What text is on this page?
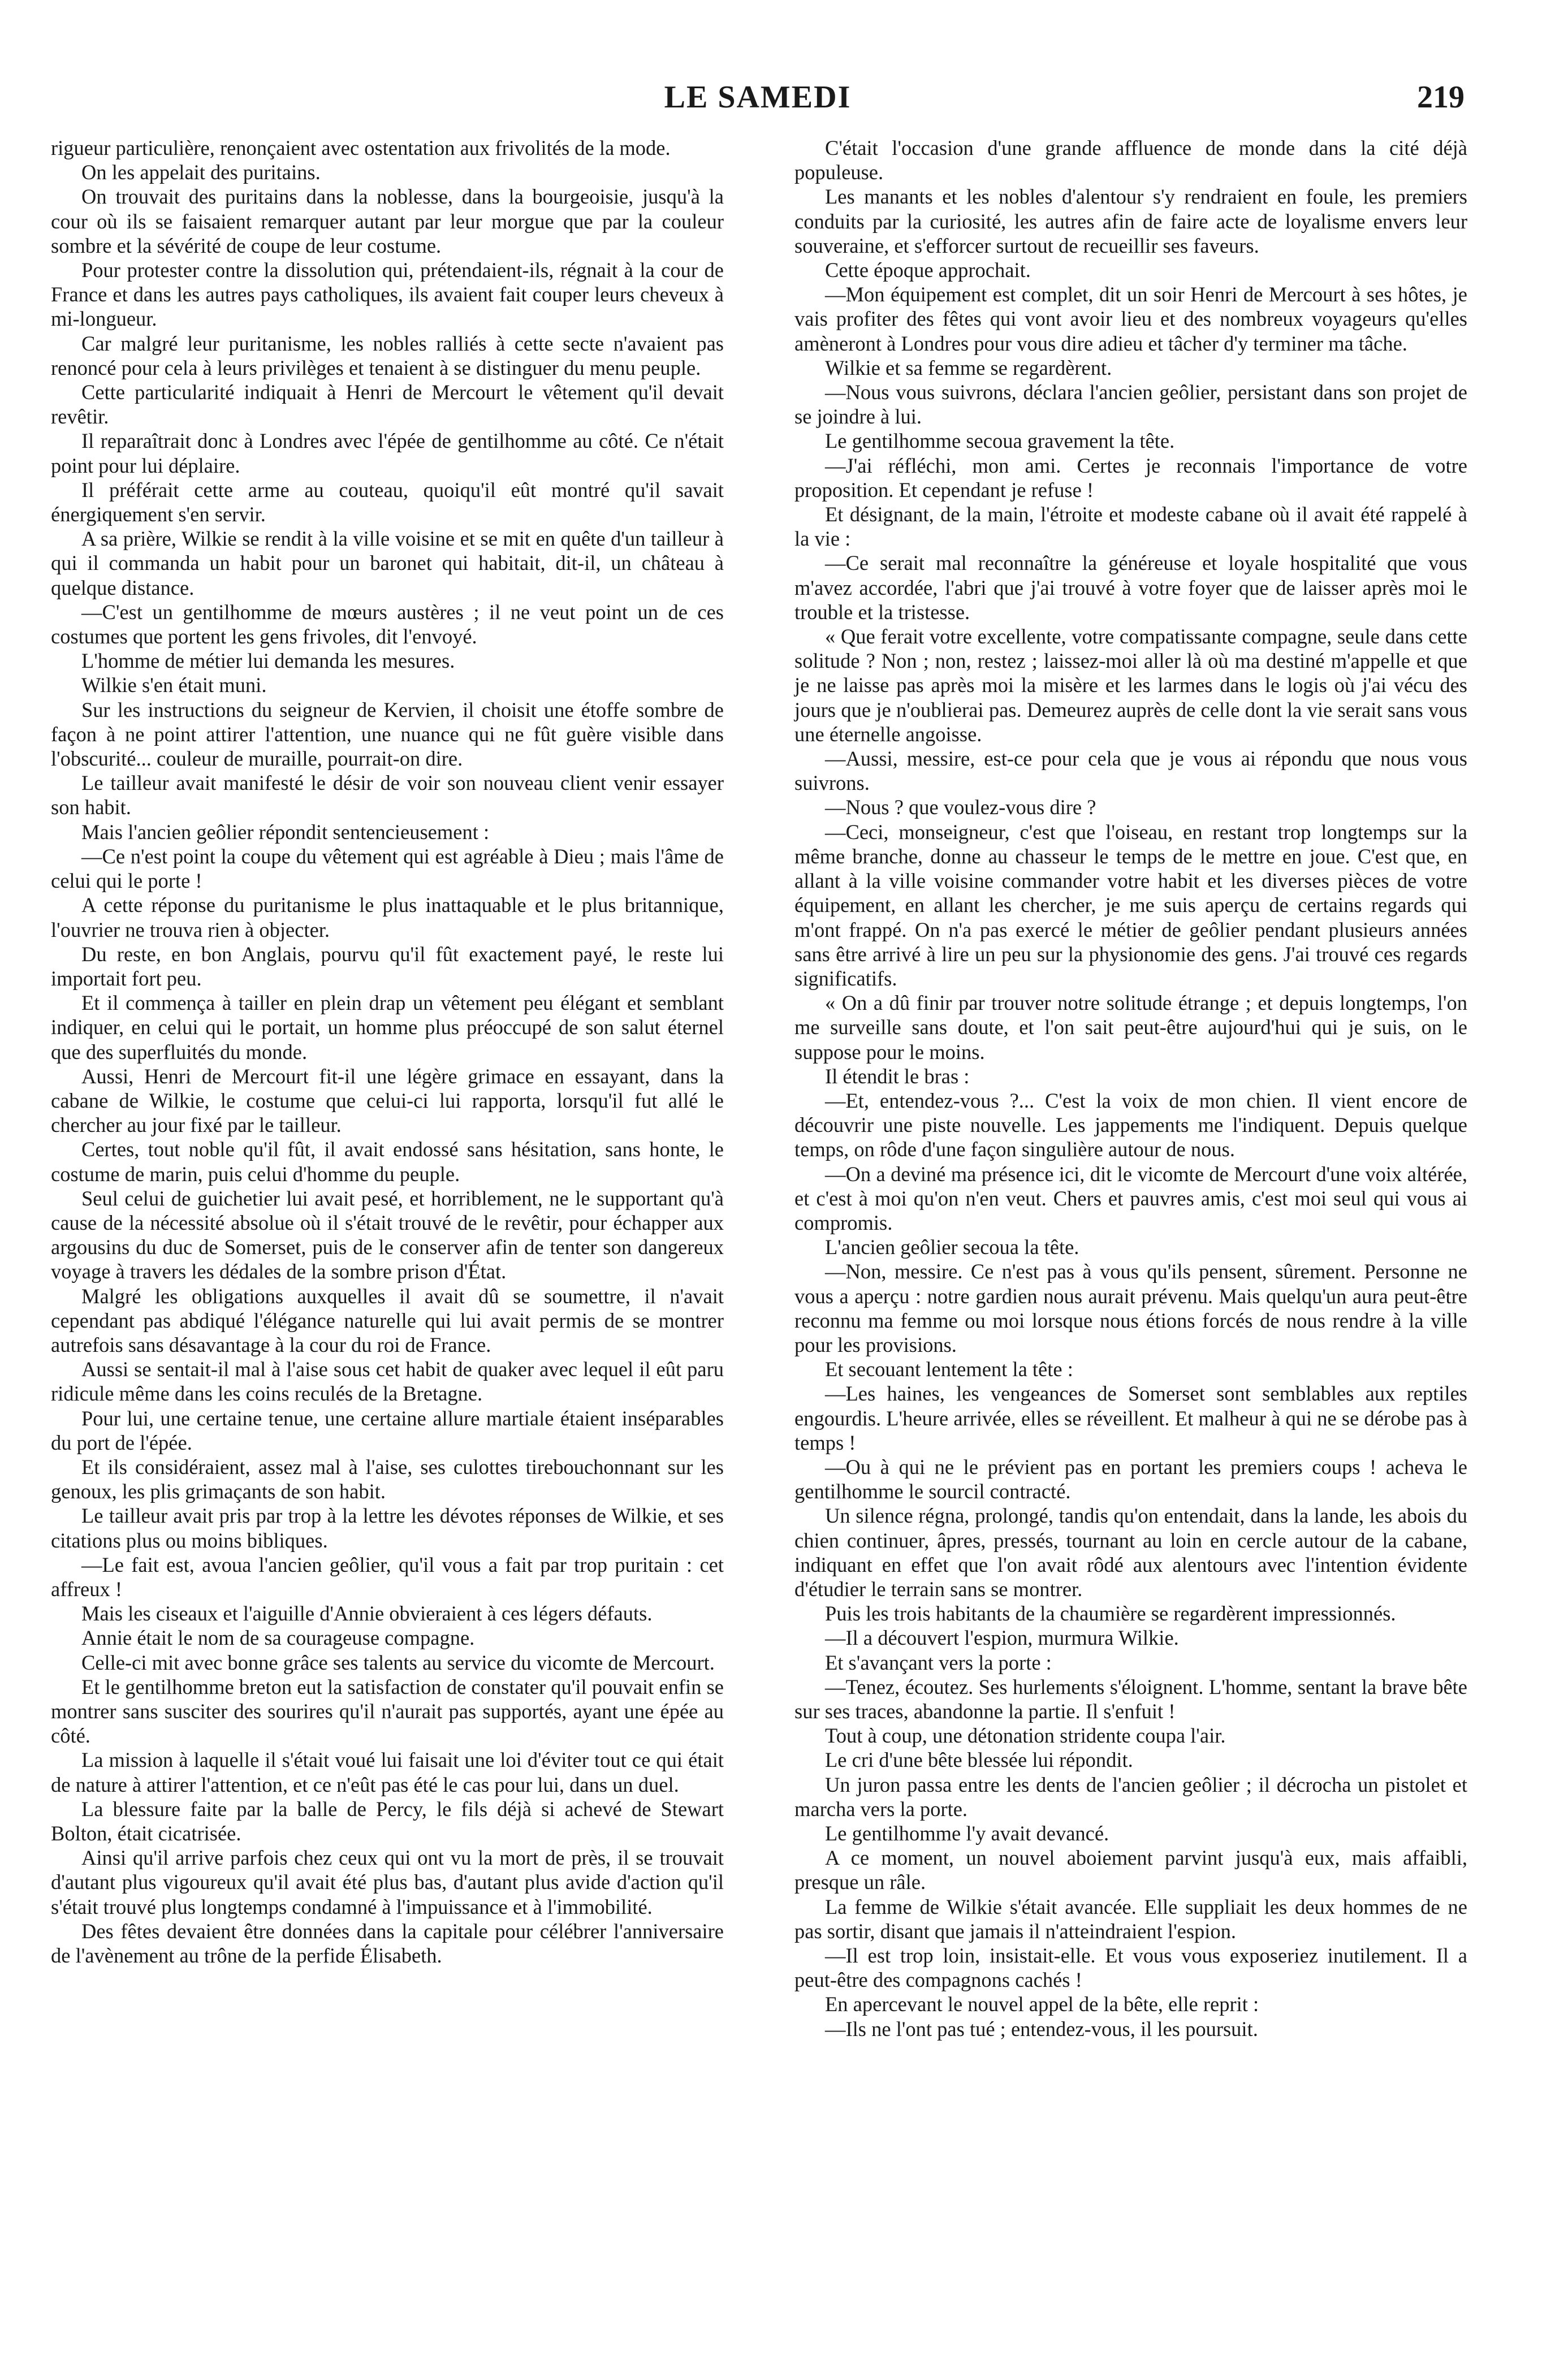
LE SAMEDI	219

rigueur particulière, renonçaient avec ostentation aux frivolités de la mode.

On les appelait des puritains.

On trouvait des puritains dans la noblesse, dans la bourgeoisie, jusqu'à la cour où ils se faisaient remarquer autant par leur morgue que par la couleur sombre et la sévérité de coupe de leur costume.

Pour protester contre la dissolution qui, prétendaient-ils, régnait à la cour de France et dans les autres pays catholiques, ils avaient fait couper leurs cheveux à mi-longueur.

Car malgré leur puritanisme, les nobles ralliés à cette secte n'avaient pas renoncé pour cela à leurs privilèges et tenaient à se distinguer du menu peuple.

Cette particularité indiquait à Henri de Mercourt le vêtement qu'il devait revêtir.

Il reparaîtrait donc à Londres avec l'épée de gentilhomme au côté. Ce n'était point pour lui déplaire.

Il préférait cette arme au couteau, quoiqu'il eût montré qu'il savait énergiquement s'en servir.

A sa prière, Wilkie se rendit à la ville voisine et se mit en quête d'un tailleur à qui il commanda un habit pour un baronet qui habitait, dit-il, un château à quelque distance.

—C'est un gentilhomme de mœurs austères ; il ne veut point un de ces costumes que portent les gens frivoles, dit l'envoyé.

L'homme de métier lui demanda les mesures.

Wilkie s'en était muni.

Sur les instructions du seigneur de Kervien, il choisit une étoffe sombre de façon à ne point attirer l'attention, une nuance qui ne fût guère visible dans l'obscurité... couleur de muraille, pourrait-on dire.

Le tailleur avait manifesté le désir de voir son nouveau client venir essayer son habit.

Mais l'ancien geôlier répondit sentencieusement :

—Ce n'est point la coupe du vêtement qui est agréable à Dieu ; mais l'âme de celui qui le porte !

A cette réponse du puritanisme le plus inattaquable et le plus britannique, l'ouvrier ne trouva rien à objecter.

Du reste, en bon Anglais, pourvu qu'il fût exactement payé, le reste lui importait fort peu.

Et il commença à tailler en plein drap un vêtement peu élégant et semblant indiquer, en celui qui le portait, un homme plus préoccupé de son salut éternel que des superfluités du monde.

Aussi, Henri de Mercourt fit-il une légère grimace en essayant, dans la cabane de Wilkie, le costume que celui-ci lui rapporta, lorsqu'il fut allé le chercher au jour fixé par le tailleur.

Certes, tout noble qu'il fût, il avait endossé sans hésitation, sans honte, le costume de marin, puis celui d'homme du peuple.

Seul celui de guichetier lui avait pesé, et horriblement, ne le supportant qu'à cause de la nécessité absolue où il s'était trouvé de le revêtir, pour échapper aux argousins du duc de Somerset, puis de le conserver afin de tenter son dangereux voyage à travers les dédales de la sombre prison d'État.

Malgré les obligations auxquelles il avait dû se soumettre, il n'avait cependant pas abdiqué l'élégance naturelle qui lui avait permis de se montrer autrefois sans désavantage à la cour du roi de France.

Aussi se sentait-il mal à l'aise sous cet habit de quaker avec lequel il eût paru ridicule même dans les coins reculés de la Bretagne.

Pour lui, une certaine tenue, une certaine allure martiale étaient inséparables du port de l'épée.

Et ils considéraient, assez mal à l'aise, ses culottes tirebouchonnant sur les genoux, les plis grimaçants de son habit.

Le tailleur avait pris par trop à la lettre les dévotes réponses de Wilkie, et ses citations plus ou moins bibliques.

—Le fait est, avoua l'ancien geôlier, qu'il vous a fait par trop puritain : cet affreux !

Mais les ciseaux et l'aiguille d'Annie obvieraient à ces légers défauts.

Annie était le nom de sa courageuse compagne.

Celle-ci mit avec bonne grâce ses talents au service du vicomte de Mercourt.

Et le gentilhomme breton eut la satisfaction de constater qu'il pouvait enfin se montrer sans susciter des sourires qu'il n'aurait pas supportés, ayant une épée au côté.

La mission à laquelle il s'était voué lui faisait une loi d'éviter tout ce qui était de nature à attirer l'attention, et ce n'eût pas été le cas pour lui, dans un duel.

La blessure faite par la balle de Percy, le fils déjà si achevé de Stewart Bolton, était cicatrisée.

Ainsi qu'il arrive parfois chez ceux qui ont vu la mort de près, il se trouvait d'autant plus vigoureux qu'il avait été plus bas, d'autant plus avide d'action qu'il s'était trouvé plus longtemps condamné à l'impuissance et à l'immobilité.

Des fêtes devaient être données dans la capitale pour célébrer l'anniversaire de l'avènement au trône de la perfide Élisabeth.

C'était l'occasion d'une grande affluence de monde dans la cité déjà populeuse.

Les manants et les nobles d'alentour s'y rendraient en foule, les premiers conduits par la curiosité, les autres afin de faire acte de loyalisme envers leur souveraine, et s'efforcer surtout de recueillir ses faveurs.

Cette époque approchait.

—Mon équipement est complet, dit un soir Henri de Mercourt à ses hôtes, je vais profiter des fêtes qui vont avoir lieu et des nombreux voyageurs qu'elles amèneront à Londres pour vous dire adieu et tâcher d'y terminer ma tâche.

Wilkie et sa femme se regardèrent.

—Nous vous suivrons, déclara l'ancien geôlier, persistant dans son projet de se joindre à lui.

Le gentilhomme secoua gravement la tête.

—J'ai réfléchi, mon ami. Certes je reconnais l'importance de votre proposition. Et cependant je refuse !

Et désignant, de la main, l'étroite et modeste cabane où il avait été rappelé à la vie :

—Ce serait mal reconnaître la généreuse et loyale hospitalité que vous m'avez accordée, l'abri que j'ai trouvé à votre foyer que de laisser après moi le trouble et la tristesse.

« Que ferait votre excellente, votre compatissante compagne, seule dans cette solitude ? Non ; non, restez ; laissez-moi aller là où ma destiné m'appelle et que je ne laisse pas après moi la misère et les larmes dans le logis où j'ai vécu des jours que je n'oublierai pas. Demeurez auprès de celle dont la vie serait sans vous une éternelle angoisse.

—Aussi, messire, est-ce pour cela que je vous ai répondu que nous vous suivrons.

—Nous ? que voulez-vous dire ?

—Ceci, monseigneur, c'est que l'oiseau, en restant trop longtemps sur la même branche, donne au chasseur le temps de le mettre en joue. C'est que, en allant à la ville voisine commander votre habit et les diverses pièces de votre équipement, en allant les chercher, je me suis aperçu de certains regards qui m'ont frappé. On n'a pas exercé le métier de geôlier pendant plusieurs années sans être arrivé à lire un peu sur la physionomie des gens. J'ai trouvé ces regards significatifs.

« On a dû finir par trouver notre solitude étrange ; et depuis longtemps, l'on me surveille sans doute, et l'on sait peut-être aujourd'hui qui je suis, on le suppose pour le moins.

Il étendit le bras :

—Et, entendez-vous ?... C'est la voix de mon chien. Il vient encore de découvrir une piste nouvelle. Les jappements me l'indiquent. Depuis quelque temps, on rôde d'une façon singulière autour de nous.

—On a deviné ma présence ici, dit le vicomte de Mercourt d'une voix altérée, et c'est à moi qu'on n'en veut. Chers et pauvres amis, c'est moi seul qui vous ai compromis.

L'ancien geôlier secoua la tête.

—Non, messire. Ce n'est pas à vous qu'ils pensent, sûrement. Personne ne vous a aperçu : notre gardien nous aurait prévenu. Mais quelqu'un aura peut-être reconnu ma femme ou moi lorsque nous étions forcés de nous rendre à la ville pour les provisions.

Et secouant lentement la tête :

—Les haines, les vengeances de Somerset sont semblables aux reptiles engourdis. L'heure arrivée, elles se réveillent. Et malheur à qui ne se dérobe pas à temps !

—Ou à qui ne le prévient pas en portant les premiers coups ! acheva le gentilhomme le sourcil contracté.

Un silence régna, prolongé, tandis qu'on entendait, dans la lande, les abois du chien continuer, âpres, pressés, tournant au loin en cercle autour de la cabane, indiquant en effet que l'on avait rôdé aux alentours avec l'intention évidente d'étudier le terrain sans se montrer.

Puis les trois habitants de la chaumière se regardèrent impressionnés.

—Il a découvert l'espion, murmura Wilkie.

Et s'avançant vers la porte :

—Tenez, écoutez. Ses hurlements s'éloignent. L'homme, sentant la brave bête sur ses traces, abandonne la partie. Il s'enfuit !

Tout à coup, une détonation stridente coupa l'air.

Le cri d'une bête blessée lui répondit.

Un juron passa entre les dents de l'ancien geôlier ; il décrocha un pistolet et marcha vers la porte.

Le gentilhomme l'y avait devancé.

A ce moment, un nouvel aboiement parvint jusqu'à eux, mais affaibli, presque un râle.

La femme de Wilkie s'était avancée. Elle suppliait les deux hommes de ne pas sortir, disant que jamais il n'atteindraient l'espion.

—Il est trop loin, insistait-elle. Et vous vous exposeriez inutilement. Il a peut-être des compagnons cachés !

En apercevant le nouvel appel de la bête, elle reprit :

—Ils ne l'ont pas tué ; entendez-vous, il les poursuit.
